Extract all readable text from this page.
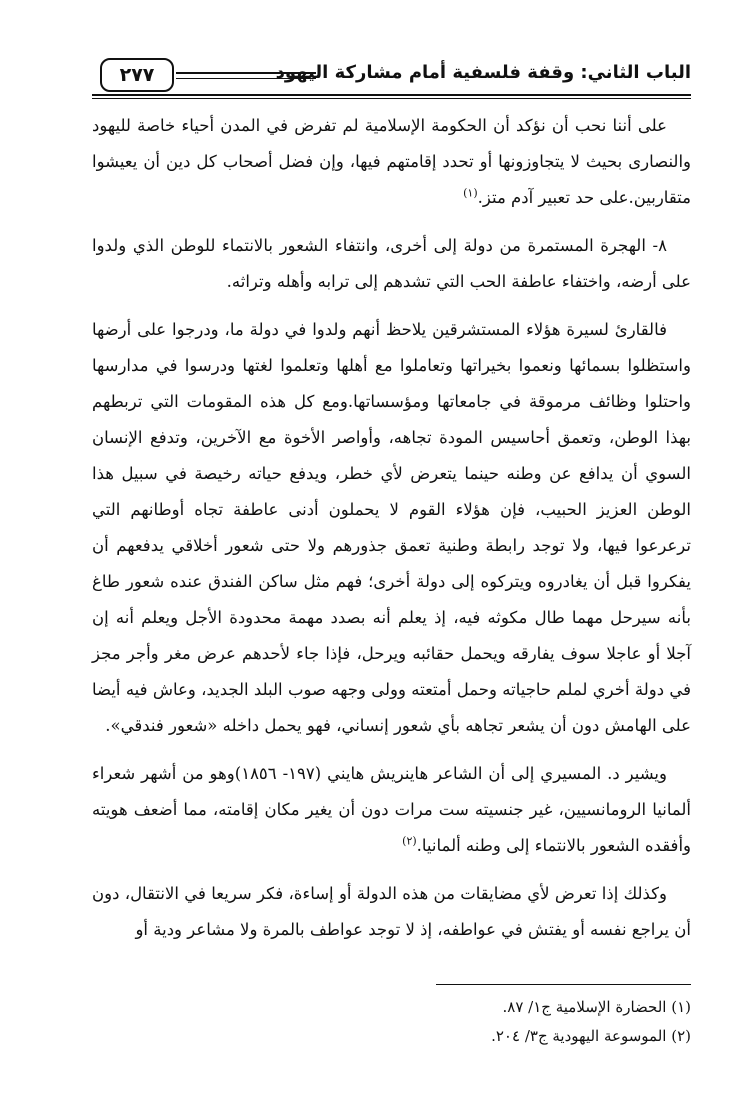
الباب الثاني: وقفة فلسفية أمام مشاركة اليهود
٢٧٧

على أننا نحب أن نؤكد أن الحكومة الإسلامية لم تفرض في المدن أحياء خاصة لليهود والنصارى بحيث لا يتجاوزونها أو تحدد إقامتهم فيها، وإن فضل أصحاب كل دين أن يعيشوا متقاربين.على حد تعبير آدم متز.$^{(١)}$

٨- الهجرة المستمرة من دولة إلى أخرى، وانتفاء الشعور بالانتماء للوطن الذي ولدوا على أرضه، واختفاء عاطفة الحب التي تشدهم إلى ترابه وأهله وتراثه.

فالقارئ لسيرة هؤلاء المستشرقين يلاحظ أنهم ولدوا في دولة ما، ودرجوا على أرضها واستظلوا بسمائها ونعموا بخيراتها وتعاملوا مع أهلها وتعلموا لغتها ودرسوا في مدارسها واحتلوا وظائف مرموقة في جامعاتها ومؤسساتها.ومع كل هذه المقومات التي تربطهم بهذا الوطن، وتعمق أحاسيس المودة تجاهه، وأواصر الأخوة مع الآخرين، وتدفع الإنسان السوي أن يدافع عن وطنه حينما يتعرض لأي خطر، ويدفع حياته رخيصة في سبيل هذا الوطن العزيز الحبيب، فإن هؤلاء القوم لا يحملون أدنى عاطفة تجاه أوطانهم التي ترعرعوا فيها، ولا توجد رابطة وطنية تعمق جذورهم ولا حتى شعور أخلاقي يدفعهم أن يفكروا قبل أن يغادروه ويتركوه إلى دولة أخرى؛ فهم مثل ساكن الفندق عنده شعور طاغ بأنه سيرحل مهما طال مكوثه فيه، إذ يعلم أنه بصدد مهمة محدودة الأجل ويعلم أنه إن آجلا أو عاجلا سوف يفارقه ويحمل حقائبه ويرحل، فإذا جاء لأحدهم عرض مغر وأجر مجز في دولة أخري لملم حاجياته وحمل أمتعته وولى وجهه صوب البلد الجديد، وعاش فيه أيضا على الهامش دون أن يشعر تجاهه بأي شعور إنساني، فهو يحمل داخله «شعور فندقي».

ويشير د. المسيري إلى أن الشاعر هاينريش هايني (١٩٧- ١٨٥٦)وهو من أشهر شعراء ألمانيا الرومانسيين، غير جنسيته ست مرات دون أن يغير مكان إقامته، مما أضعف هويته وأفقده الشعور بالانتماء إلى وطنه ألمانيا.$^{(٢)}$

وكذلك إذا تعرض لأي مضايقات من هذه الدولة أو إساءة، فكر سريعا في الانتقال، دون أن يراجع نفسه أو يفتش في عواطفه، إذ لا توجد عواطف بالمرة ولا مشاعر ودية أو

(١) الحضارة الإسلامية ج١/ ٨٧.

(٢) الموسوعة اليهودية ج٣/ ٢٠٤.
